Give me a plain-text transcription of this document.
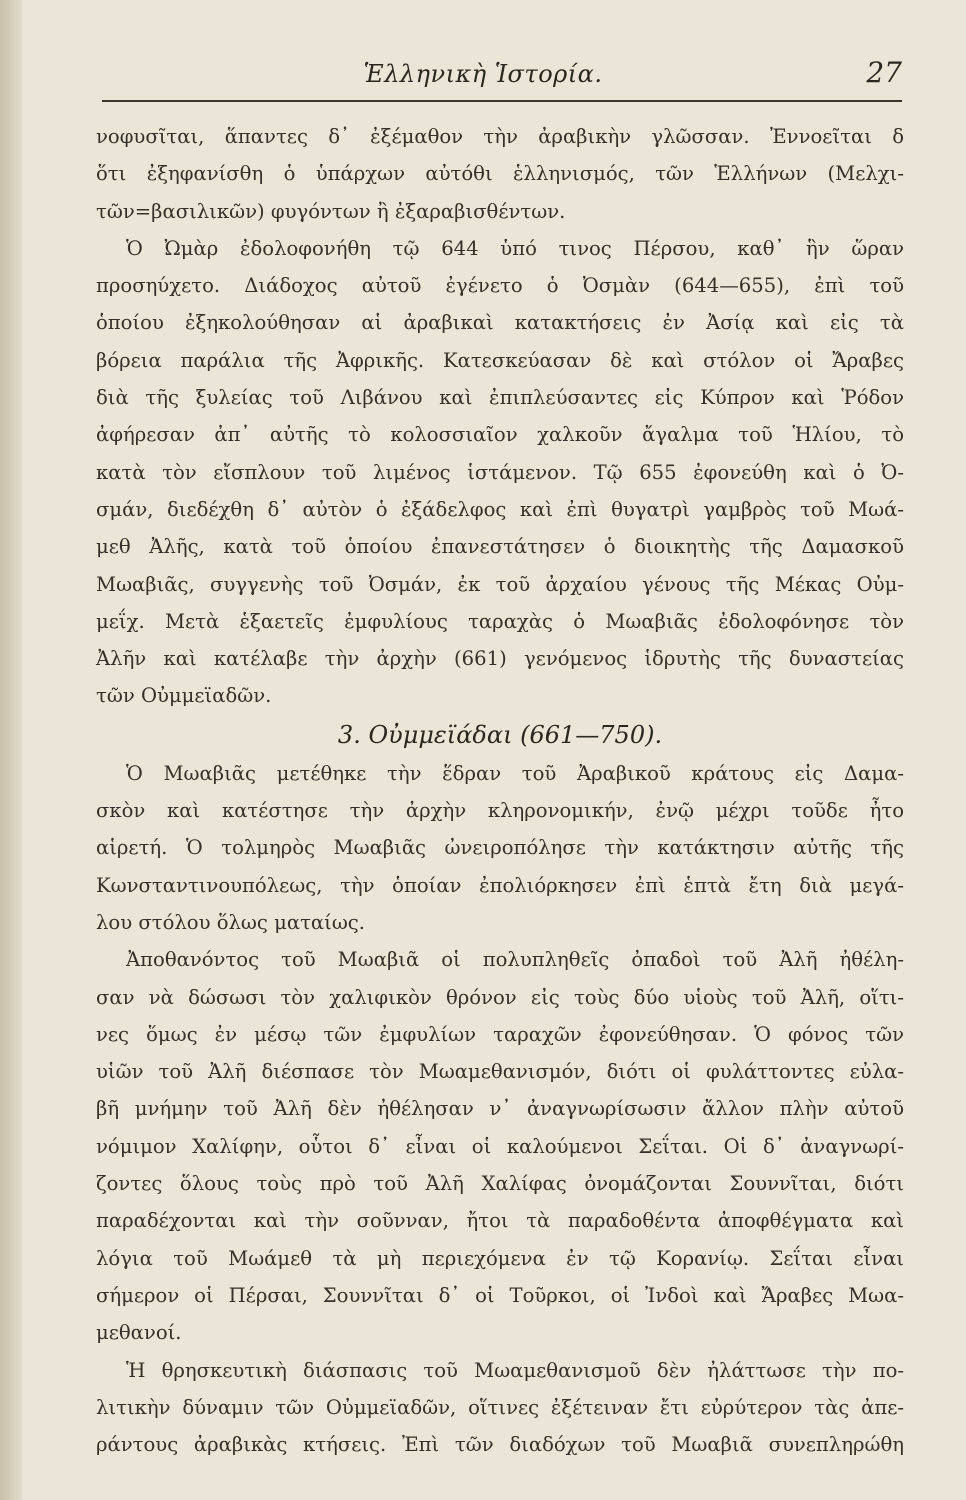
Ἑλληνικὴ Ἱστορία.	27
νοφυσῖται, ἅπαντες δ᾽ ἐξέμαθον τὴν ἀραβικὴν γλῶσσαν. Ἐννοεῖται δ
ὅτι ἐξηφανίσθη ὁ ὑπάρχων αὐτόθι ἑλληνισμός, τῶν Ἑλλήνων (Μελχι-
τῶν=βασιλικῶν) φυγόντων ἢ ἐξαραβισθέντων.
Ὁ Ὠμὰρ ἐδολοφονήθη τῷ 644 ὑπό τινος Πέρσου, καθ᾽ ἣν ὥραν
προσηύχετο. Διάδοχος αὐτοῦ ἐγένετο ὁ Ὀσμὰν (644—655), ἐπὶ τοῦ
ὁποίου ἐξηκολούθησαν αἱ ἀραβικαὶ κατακτήσεις ἐν Ἀσίᾳ καὶ εἰς τὰ
βόρεια παράλια τῆς Ἀφρικῆς. Κατεσκεύασαν δὲ καὶ στόλον οἱ Ἄραβες
διὰ τῆς ξυλείας τοῦ Λιβάνου καὶ ἐπιπλεύσαντες εἰς Κύπρον καὶ Ῥόδον
ἀφήρεσαν ἀπ᾽ αὐτῆς τὸ κολοσσιαῖον χαλκοῦν ἄγαλμα τοῦ Ἡλίου, τὸ
κατὰ τὸν εἴσπλουν τοῦ λιμένος ἱστάμενον. Τῷ 655 ἐφονεύθη καὶ ὁ Ὀ-
σμάν, διεδέχθη δ᾽ αὐτὸν ὁ ἐξάδελφος καὶ ἐπὶ θυγατρὶ γαμβρὸς τοῦ Μωά-
μεθ Ἀλῆς, κατὰ τοῦ ὁποίου ἐπανεστάτησεν ὁ διοικητὴς τῆς Δαμασκοῦ
Μωαβιᾶς, συγγενὴς τοῦ Ὀσμάν, ἐκ τοῦ ἀρχαίου γένους τῆς Μέκας Οὐμ-
μεΐχ. Μετὰ ἑξαετεῖς ἐμφυλίους ταραχὰς ὁ Μωαβιᾶς ἐδολοφόνησε τὸν
Ἀλῆν καὶ κατέλαβε τὴν ἀρχὴν (661) γενόμενος ἱδρυτὴς τῆς δυναστείας
τῶν Οὐμμεϊαδῶν.
3. Οὐμμεϊάδαι (661—750).
Ὁ Μωαβιᾶς μετέθηκε τὴν ἕδραν τοῦ Ἀραβικοῦ κράτους εἰς Δαμα-
σκὸν καὶ κατέστησε τὴν ἀρχὴν κληρονομικήν, ἐνῷ μέχρι τοῦδε ἦτο
αἱρετή. Ὁ τολμηρὸς Μωαβιᾶς ὠνειροπόλησε τὴν κατάκτησιν αὐτῆς τῆς
Κωνσταντινουπόλεως, τὴν ὁποίαν ἐπολιόρκησεν ἐπὶ ἑπτὰ ἔτη διὰ μεγά-
λου στόλου ὅλως ματαίως.
Ἀποθανόντος τοῦ Μωαβιᾶ οἱ πολυπληθεῖς ὀπαδοὶ τοῦ Ἀλῆ ἠθέλη-
σαν νὰ δώσωσι τὸν χαλιφικὸν θρόνον εἰς τοὺς δύο υἱοὺς τοῦ Ἀλῆ, οἵτι-
νες ὅμως ἐν μέσῳ τῶν ἐμφυλίων ταραχῶν ἐφονεύθησαν. Ὁ φόνος τῶν
υἱῶν τοῦ Ἀλῆ διέσπασε τὸν Μωαμεθανισμόν, διότι οἱ φυλάττοντες εὐλα-
βῆ μνήμην τοῦ Ἀλῆ δὲν ἠθέλησαν ν᾽ ἀναγνωρίσωσιν ἄλλον πλὴν αὐτοῦ
νόμιμον Χαλίφην, οὗτοι δ᾽ εἶναι οἱ καλούμενοι Σεΐται. Οἱ δ᾽ ἀναγνωρί-
ζοντες ὅλους τοὺς πρὸ τοῦ Ἀλῆ Χαλίφας ὀνομάζονται Σουννῖται, διότι
παραδέχονται καὶ τὴν σοῦνναν, ἤτοι τὰ παραδοθέντα ἀποφθέγματα καὶ
λόγια τοῦ Μωάμεθ τὰ μὴ περιεχόμενα ἐν τῷ Κορανίῳ. Σεΐται εἶναι
σήμερον οἱ Πέρσαι, Σουννῖται δ᾽ οἱ Τοῦρκοι, οἱ Ἰνδοὶ καὶ Ἄραβες Μωα-
μεθανοί.
Ἡ θρησκευτικὴ διάσπασις τοῦ Μωαμεθανισμοῦ δὲν ἠλάττωσε τὴν πο-
λιτικὴν δύναμιν τῶν Οὐμμεϊαδῶν, οἵτινες ἐξέτειναν ἔτι εὐρύτερον τὰς ἀπε-
ράντους ἀραβικὰς κτήσεις. Ἐπὶ τῶν διαδόχων τοῦ Μωαβιᾶ συνεπληρώθη
